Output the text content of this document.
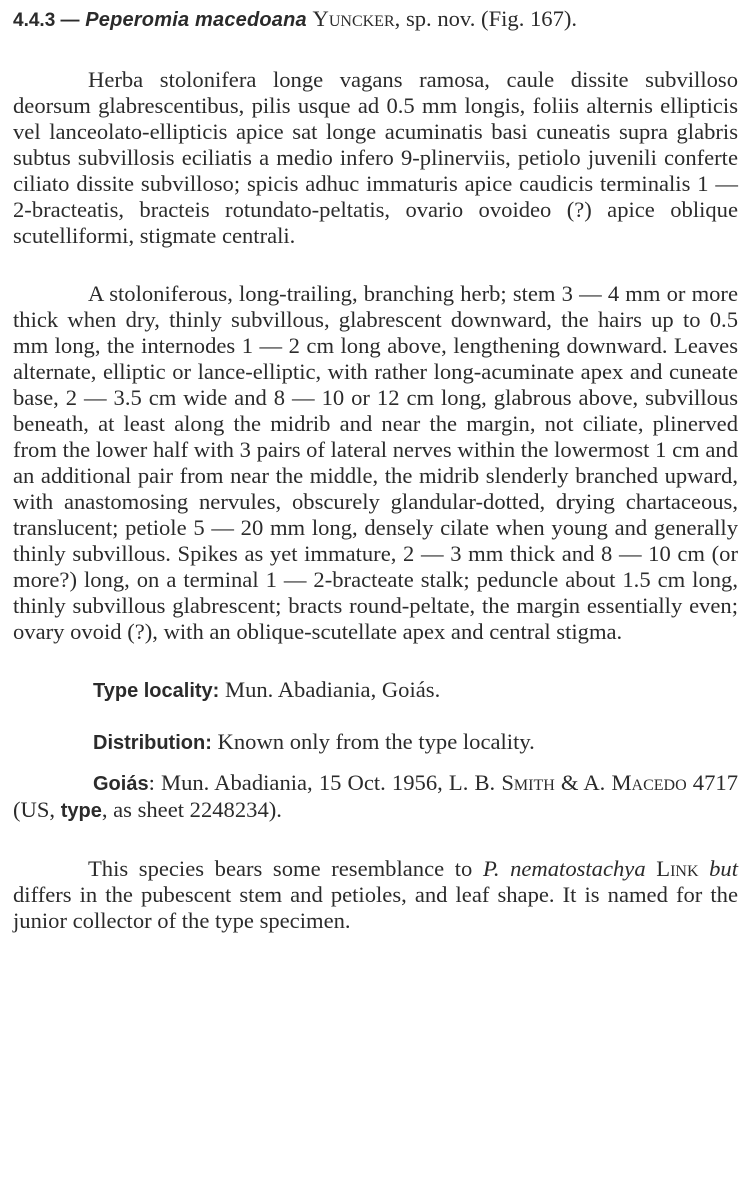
4.4.3 — Peperomia macedoana Yuncker, sp. nov. (Fig. 167).

Herba stolonifera longe vagans ramosa, caule dissite subvilloso deorsum glabrescentibus, pilis usque ad 0.5 mm longis, foliis alternis ellipticis vel lanceolato-ellipticis apice sat longe acuminatis basi cuneatis supra glabris subtus subvillosis eciliatis a medio infero 9-plinerviis, petiolo juvenili conferte ciliato dissite subvilloso; spicis adhuc immaturis apice caudicis terminalis 1 — 2-bracteatis, bracteis rotundato-peltatis, ovario ovoideo (?) apice oblique scutelliformi, stigmate centrali.

A stoloniferous, long-trailing, branching herb; stem 3 — 4 mm or more thick when dry, thinly subvillous, glabrescent downward, the hairs up to 0.5 mm long, the internodes 1 — 2 cm long above, lengthening downward. Leaves alternate, elliptic or lance-elliptic, with rather long-acuminate apex and cuneate base, 2 — 3.5 cm wide and 8 — 10 or 12 cm long, glabrous above, subvillous beneath, at least along the midrib and near the margin, not ciliate, plinerved from the lower half with 3 pairs of lateral nerves within the lowermost 1 cm and an additional pair from near the middle, the midrib slenderly branched upward, with anastomosing nervules, obscurely glandular-dotted, drying chartaceous, translucent; petiole 5 — 20 mm long, densely cilate when young and generally thinly subvillous. Spikes as yet immature, 2 — 3 mm thick and 8 — 10 cm (or more?) long, on a terminal 1 — 2-bracteate stalk; peduncle about 1.5 cm long, thinly subvillous glabrescent; bracts round-peltate, the margin essentially even; ovary ovoid (?), with an oblique-scutellate apex and central stigma.

Type locality: Mun. Abadiania, Goiás.

Distribution: Known only from the type locality.

Goiás: Mun. Abadiania, 15 Oct. 1956, L. B. Smith & A. Macedo 4717 (US, type, as sheet 2248234).

This species bears some resemblance to P. nematostachya Link but differs in the pubescent stem and petioles, and leaf shape. It is named for the junior collector of the type specimen.
